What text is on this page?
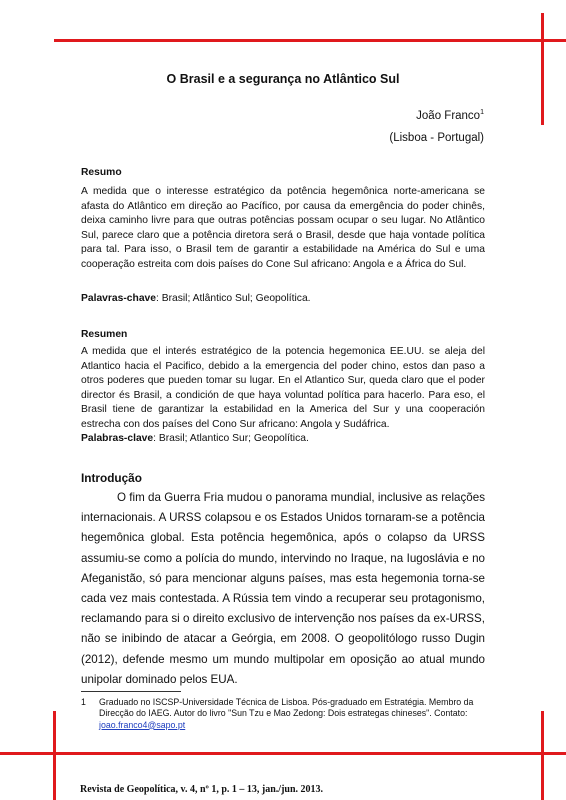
O Brasil e a segurança no Atlântico Sul
João Franco$^1$
(Lisboa - Portugal)
Resumo
A medida que o interesse estratégico da potência hegemônica norte-americana se afasta do Atlântico em direção ao Pacífico, por causa da emergência do poder chinês, deixa caminho livre para que outras potências possam ocupar o seu lugar. No Atlântico Sul, parece claro que a potência diretora será o Brasil, desde que haja vontade política para tal. Para isso, o Brasil tem de garantir a estabilidade na América do Sul e uma cooperação estreita com dois países do Cone Sul africano: Angola e a África do Sul.
Palavras-chave: Brasil; Atlântico Sul; Geopolítica.
Resumen
A medida que el interés estratégico de la potencia hegemonica EE.UU. se aleja del Atlantico hacia el Pacifico, debido a la emergencia del poder chino, estos dan paso a otros poderes que pueden tomar su lugar. En el Atlantico Sur, queda claro que el poder director és Brasil, a condición de que haya voluntad política para hacerlo. Para eso, el Brasil tiene de garantizar la estabilidad en la America del Sur y una cooperación estrecha con dos países del Cono Sur africano: Angola y Sudáfrica.
Palabras-clave: Brasil; Atlantico Sur; Geopolítica.
Introdução
O fim da Guerra Fria mudou o panorama mundial, inclusive as relações internacionais. A URSS colapsou e os Estados Unidos tornaram-se a potência hegemônica global. Esta potência hegemônica, após o colapso da URSS assumiu-se como a polícia do mundo, intervindo no Iraque, na Iugoslávia e no Afeganistão, só para mencionar alguns países, mas esta hegemonia torna-se cada vez mais contestada. A Rússia tem vindo a recuperar seu protagonismo, reclamando para si o direito exclusivo de intervenção nos países da ex-URSS, não se inibindo de atacar a Geórgia, em 2008. O geopolitólogo russo Dugin (2012), defende mesmo um mundo multipolar em oposição ao atual mundo unipolar dominado pelos EUA.
1 Graduado no ISCSP-Universidade Técnica de Lisboa. Pós-graduado em Estratégia. Membro da Direcção do IAEG. Autor do livro "Sun Tzu e Mao Zedong: Dois estrategas chineses". Contato: joao.franco4@sapo.pt
Revista de Geopolítica, v. 4, nº 1, p. 1 – 13, jan./jun. 2013.
